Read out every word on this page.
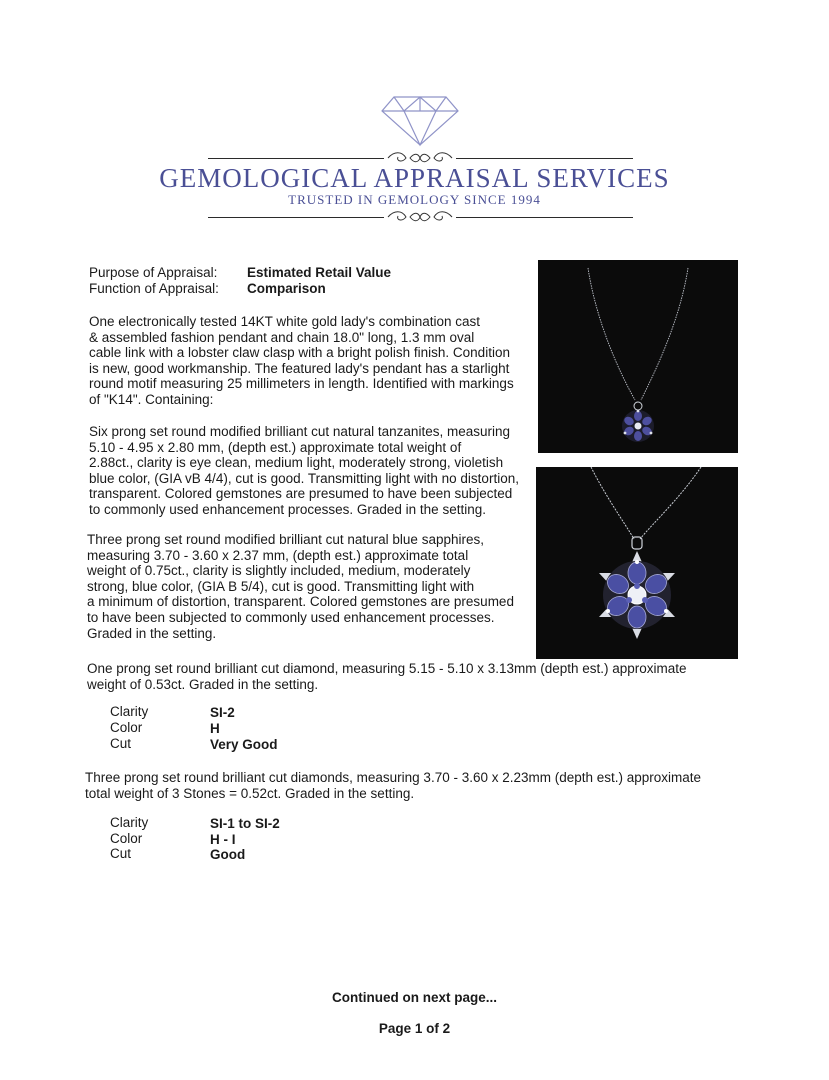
GEMOLOGICAL APPRAISAL SERVICES
TRUSTED IN GEMOLOGY SINCE 1994
Purpose of Appraisal: Estimated Retail Value
Function of Appraisal: Comparison

One electronically tested 14KT white gold lady's combination cast
& assembled fashion pendant and chain 18.0" long, 1.3 mm oval
cable link with a lobster claw clasp with a bright polish finish. Condition
is new, good workmanship. The featured lady's pendant has a starlight
round motif measuring 25 millimeters in length. Identified with markings
of "K14". Containing:

Six prong set round modified brilliant cut natural tanzanites, measuring
5.10 - 4.95 x 2.80 mm, (depth est.) approximate total weight of
2.88ct., clarity is eye clean, medium light, moderately strong, violetish
blue color, (GIA vB 4/4), cut is good. Transmitting light with no distortion,
transparent. Colored gemstones are presumed to have been subjected
to commonly used enhancement processes. Graded in the setting.

Three prong set round modified brilliant cut natural blue sapphires,
measuring 3.70 - 3.60 x 2.37 mm, (depth est.) approximate total
weight of 0.75ct., clarity is slightly included, medium, moderately
strong, blue color, (GIA B 5/4), cut is good. Transmitting light with
a minimum of distortion, transparent. Colored gemstones are presumed
to have been subjected to commonly used enhancement processes.
Graded in the setting.

One prong set round brilliant cut diamond, measuring 5.15 - 5.10 x 3.13mm (depth est.) approximate
weight of 0.53ct. Graded in the setting.

Clarity	SI-2
Color	H
Cut	Very Good

Three prong set round brilliant cut diamonds, measuring 3.70 - 3.60 x 2.23mm (depth est.) approximate
total weight of 3 Stones = 0.52ct. Graded in the setting.

Clarity	SI-1 to SI-2
Color	H - I
Cut	Good
Continued on next page...
Page 1 of 2
